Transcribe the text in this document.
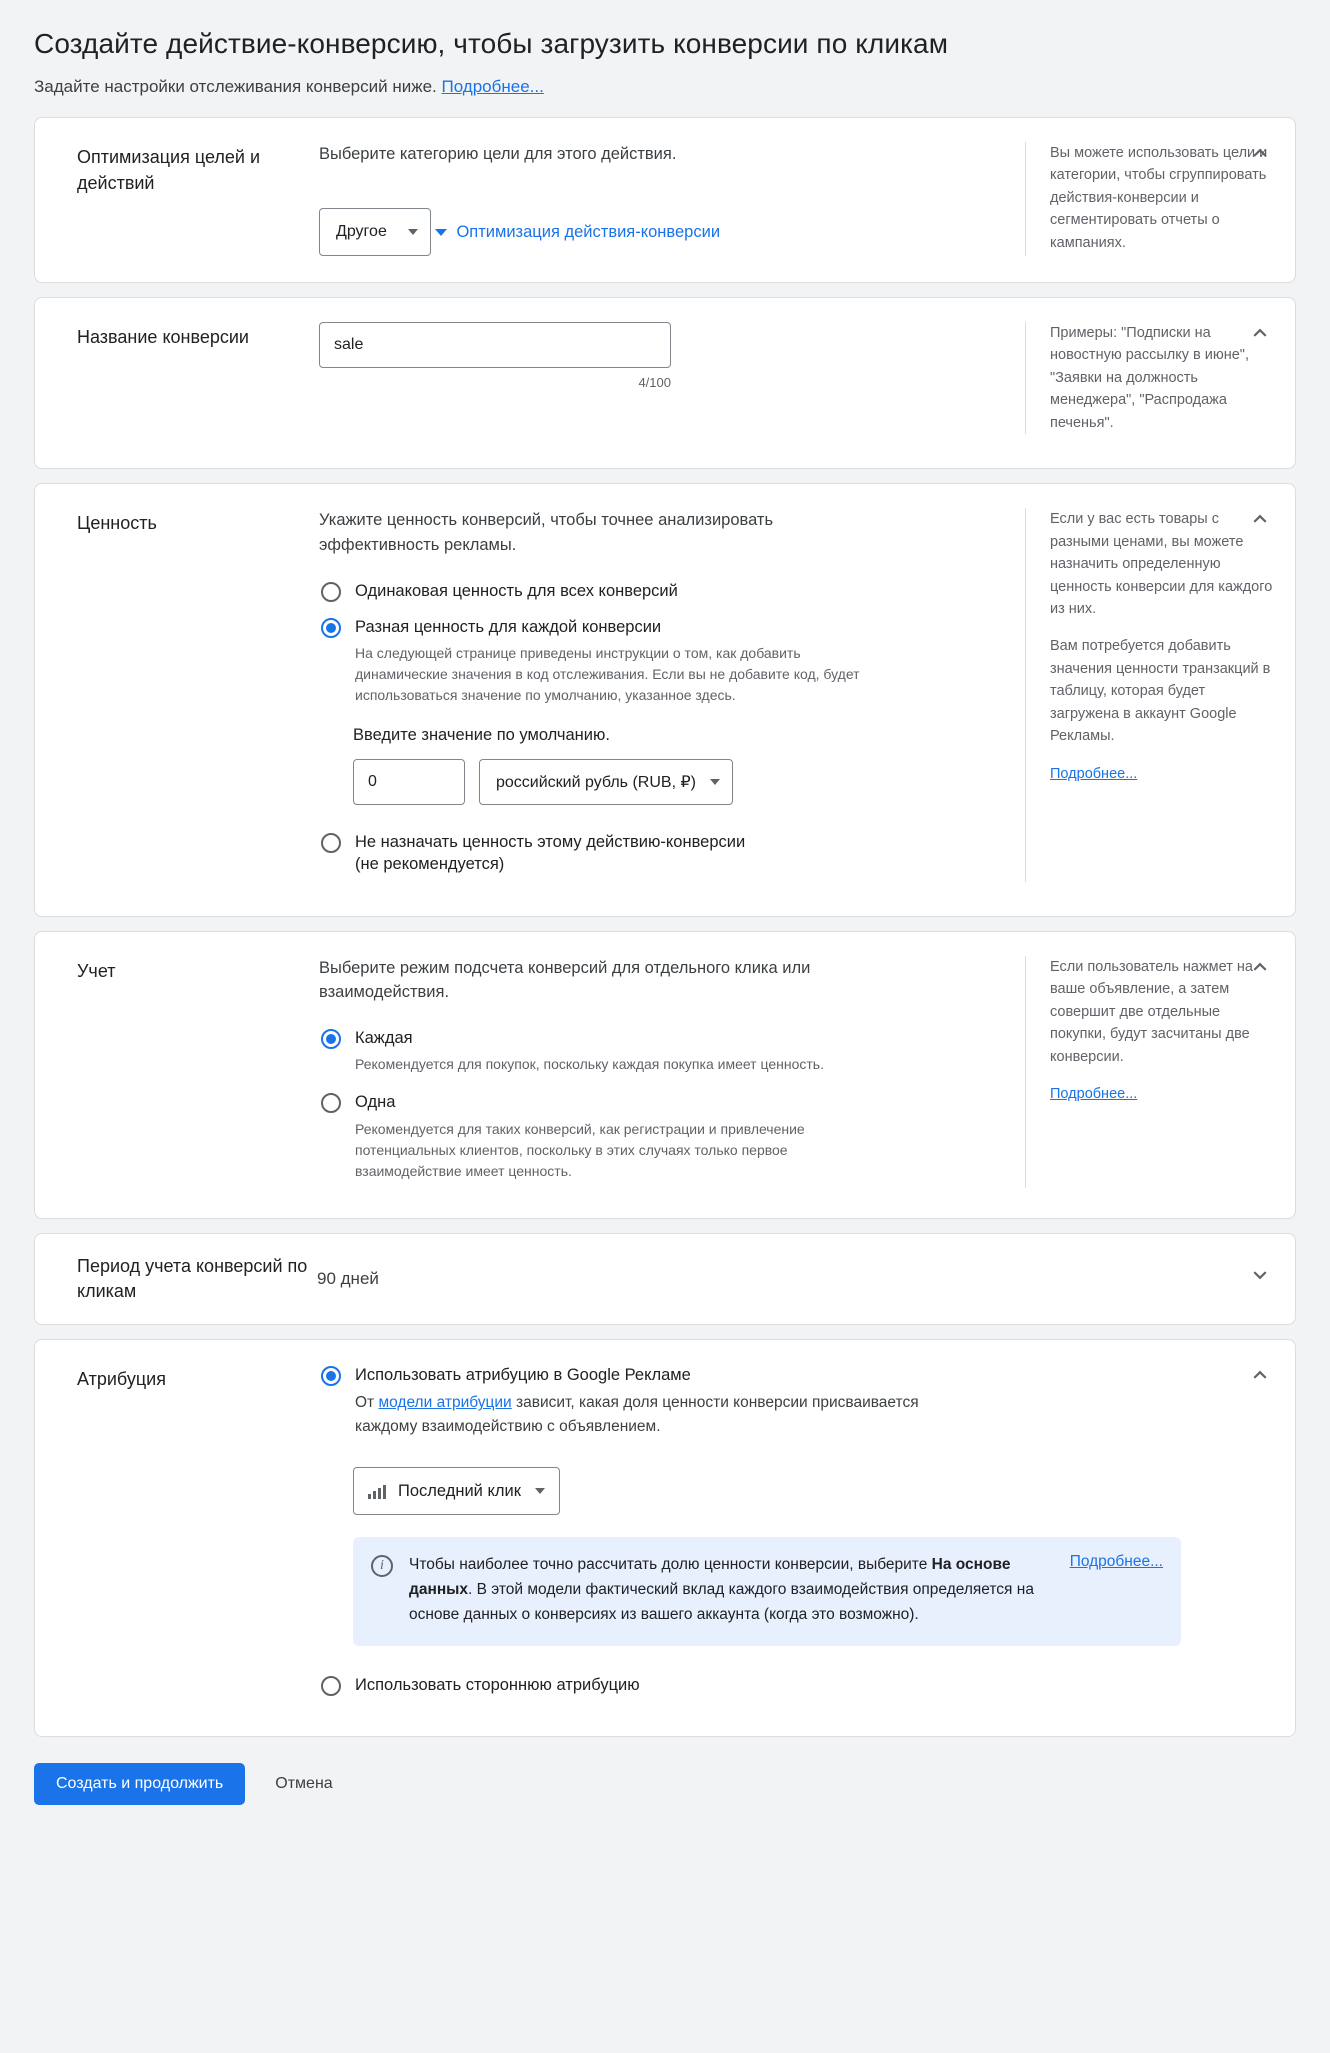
Создайте действие-конверсию, чтобы загрузить конверсии по кликам

Задайте настройки отслеживания конверсий ниже. Подробнее...

Оптимизация целей и действий

Выберите категорию цели для этого действия.

Другое
	Оптимизация действия-конверсии

Вы можете использовать цели и категории, чтобы сгруппировать действия-конверсии и сегментировать отчеты о кампаниях.

Название конверсии
sale
4/100

Примеры: "Подписки на новостную рассылку в июне", "Заявки на должность менеджера", "Распродажа печенья".

Ценность	Укажите ценность конверсий, чтобы точнее анализировать эффективность рекламы.

Одинаковая ценность для всех конверсий
Разная ценность для каждой конверсии
На следующей странице приведены инструкции о том, как добавить динамические значения в код отслеживания. Если вы не добавите код, будет использоваться значение по умолчанию, указанное здесь.
Введите значение по умолчанию.
0
российский рубль (RUB, ₽)
Не назначать ценность этому действию-конверсии (не рекомендуется)

Если у вас есть товары с разными ценами, вы можете назначить определенную ценность конверсии для каждого из них.

Вам потребуется добавить значения ценности транзакций в таблицу, которая будет загружена в аккаунт Google Рекламы.

Подробнее...

Учет	Выберите режим подсчета конверсий для отдельного клика или взаимодействия.

Каждая
Рекомендуется для покупок, поскольку каждая покупка имеет ценность.
Одна
Рекомендуется для таких конверсий, как регистрации и привлечение потенциальных клиентов, поскольку в этих случаях только первое взаимодействие имеет ценность.

Если пользователь нажмет на ваше объявление, а затем совершит две отдельные покупки, будут засчитаны две конверсии.

Подробнее...

Период учета конверсий по кликам
90 дней
Атрибуция	Использовать атрибуцию в Google Рекламе
От модели атрибуции зависит, какая доля ценности конверсии присваивается каждому взаимодействию с объявлением.
Последний клик
i	Чтобы наиболее точно рассчитать долю ценности конверсии, выберите На основе данных. В этой модели фактический вклад каждого взаимодействия определяется на основе данных о конверсиях из вашего аккаунта (когда это возможно).
Подробнее...
Использовать стороннюю атрибуцию
Создать и продолжить	Отмена
